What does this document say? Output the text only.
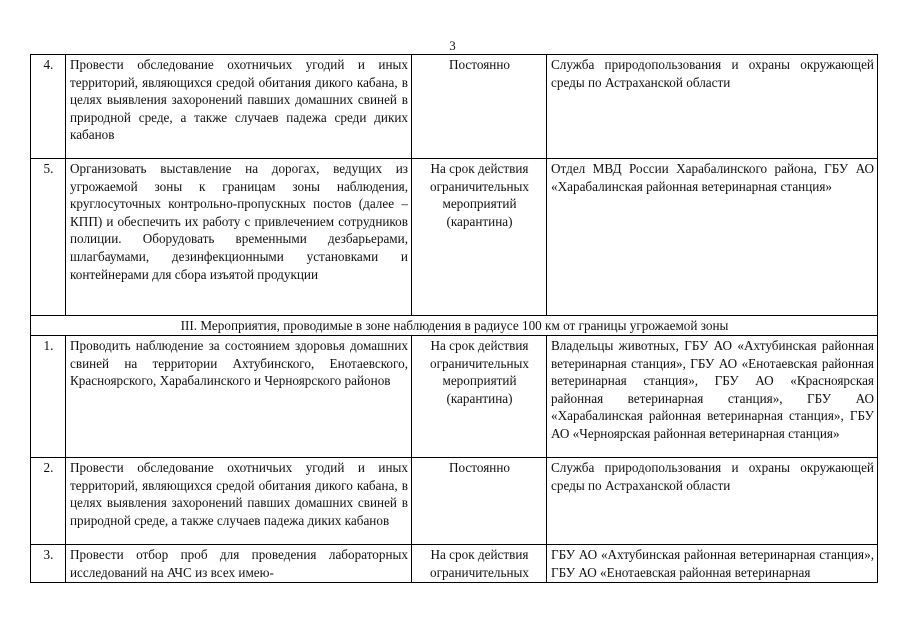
3
4.	Провести обследование охотничьих угодий и иных территорий, являющихся средой обитания дикого кабана, в целях выявления захоронений павших домашних свиней в природной среде, а также случаев падежа среди диких кабанов	Постоянно	Служба природопользования и охраны окружающей среды по Астраханской области
5.	Организовать выставление на дорогах, ведущих из угрожаемой зоны к границам зоны наблюдения, круглосуточных контрольно-пропускных постов (далее – КПП) и обеспечить их работу с привлечением сотрудников полиции. Оборудовать временными дезбарьерами, шлагбаумами, дезинфекционными установками и контейнерами для сбора изъятой продукции	На срок действия ограничительных мероприятий (карантина)	Отдел МВД России Харабалинского района, ГБУ АО «Харабалинская районная ветеринарная станция»
III. Мероприятия, проводимые в зоне наблюдения в радиусе 100 км от границы угрожаемой зоны			
1.	Проводить наблюдение за состоянием здоровья домашних свиней на территории Ахтубинского, Енотаевского, Красноярского, Харабалинского и Черноярского районов	На срок действия ограничительных мероприятий (карантина)	Владельцы животных, ГБУ АО «Ахтубинская районная ветеринарная станция», ГБУ АО «Енотаевская районная ветеринарная станция», ГБУ АО «Красноярская районная ветеринарная станция», ГБУ АО «Харабалинская районная ветеринарная станция», ГБУ АО «Черноярская районная ветеринарная станция»
2.	Провести обследование охотничьих угодий и иных территорий, являющихся средой обитания дикого кабана, в целях выявления захоронений павших домашних свиней в природной среде, а также случаев падежа диких кабанов	Постоянно	Служба природопользования и охраны окружающей среды по Астраханской области
3.	Провести отбор проб для проведения лабораторных исследований на АЧС из всех имею-	На срок действия ограничительных	ГБУ АО «Ахтубинская районная ветеринарная станция», ГБУ АО «Енотаевская районная ветеринарная
